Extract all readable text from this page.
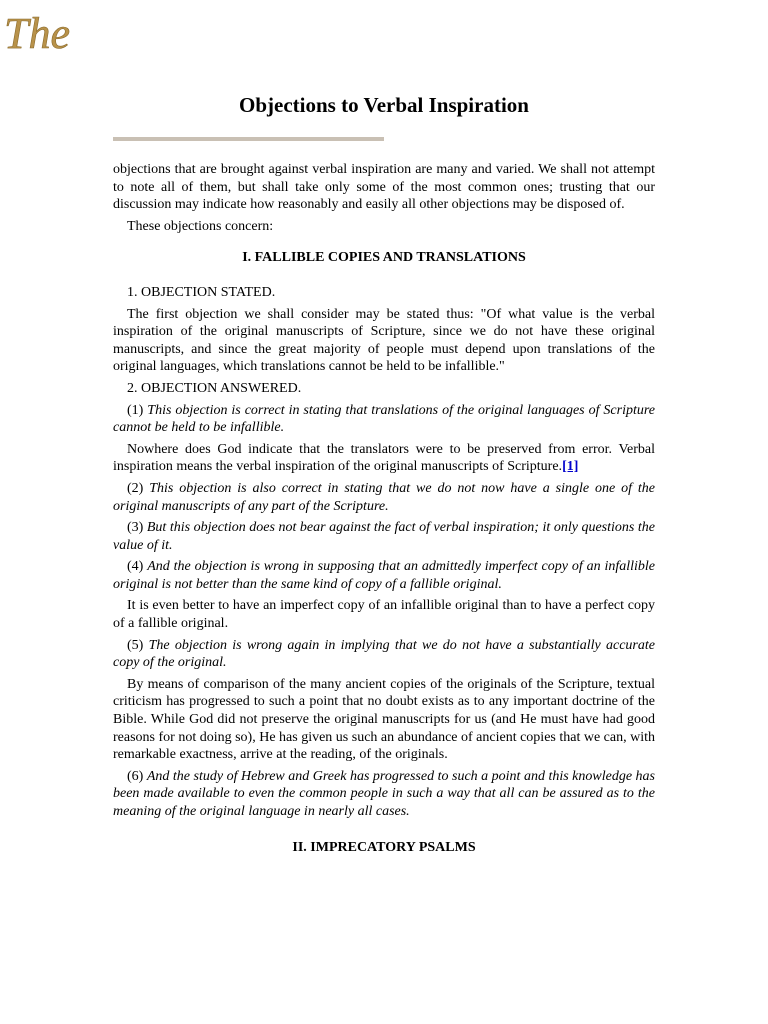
The
Objections to Verbal Inspiration

objections that are brought against verbal inspiration are many and varied. We shall not attempt to note all of them, but shall take only some of the most common ones; trusting that our discussion may indicate how reasonably and easily all other objections may be disposed of.

These objections concern:

I. FALLIBLE COPIES AND TRANSLATIONS

1. OBJECTION STATED.

The first objection we shall consider may be stated thus: "Of what value is the verbal inspiration of the original manuscripts of Scripture, since we do not have these original manuscripts, and since the great majority of people must depend upon translations of the original languages, which translations cannot be held to be infallible."

2. OBJECTION ANSWERED.

(1) This objection is correct in stating that translations of the original languages of Scripture cannot be held to be infallible.

Nowhere does God indicate that the translators were to be preserved from error. Verbal inspiration means the verbal inspiration of the original manuscripts of Scripture.[1]

(2) This objection is also correct in stating that we do not now have a single one of the original manuscripts of any part of the Scripture.

(3) But this objection does not bear against the fact of verbal inspiration; it only questions the value of it.

(4) And the objection is wrong in supposing that an admittedly imperfect copy of an infallible original is not better than the same kind of copy of a fallible original.

It is even better to have an imperfect copy of an infallible original than to have a perfect copy of a fallible original.

(5) The objection is wrong again in implying that we do not have a substantially accurate copy of the original.

By means of comparison of the many ancient copies of the originals of the Scripture, textual criticism has progressed to such a point that no doubt exists as to any important doctrine of the Bible. While God did not preserve the original manuscripts for us (and He must have had good reasons for not doing so), He has given us such an abundance of ancient copies that we can, with remarkable exactness, arrive at the reading, of the originals.

(6) And the study of Hebrew and Greek has progressed to such a point and this knowledge has been made available to even the common people in such a way that all can be assured as to the meaning of the original language in nearly all cases.

II. IMPRECATORY PSALMS
